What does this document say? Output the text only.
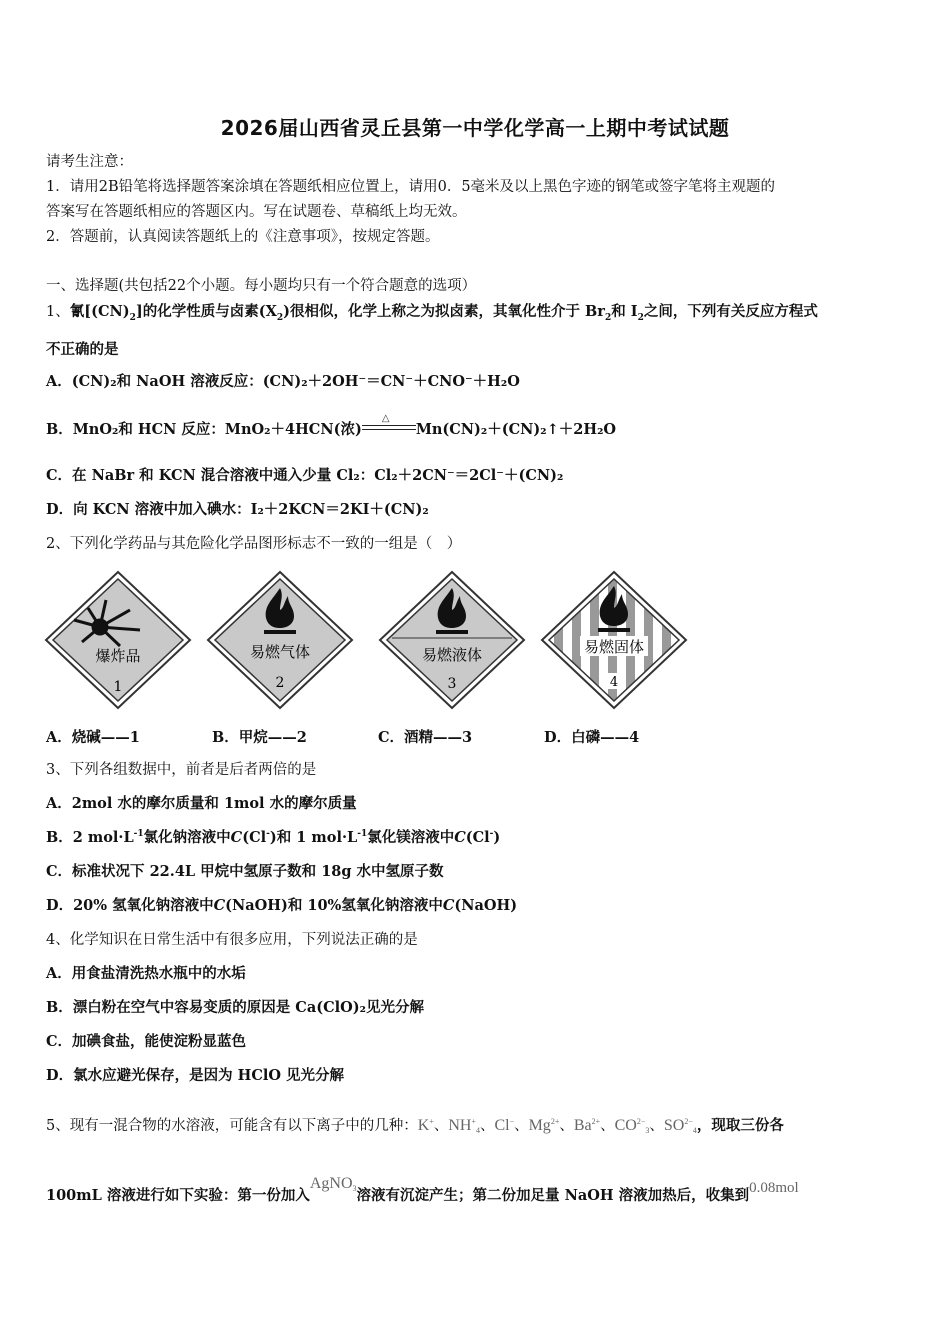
2026届山西省灵丘县第一中学化学高一上期中考试试题
请考生注意：
1．请用2B铅笔将选择题答案涂填在答题纸相应位置上，请用0．5毫米及以上黑色字迹的钢笔或签字笔将主观题的
答案写在答题纸相应的答题区内。写在试题卷、草稿纸上均无效。
2．答题前，认真阅读答题纸上的《注意事项》，按规定答题。
一、选择题(共包括22个小题。每小题均只有一个符合题意的选项）
1、氰$[(CN)_2]$的化学性质与卤素$(X_2)$很相似，化学上称之为拟卤素，其氧化性介于 $Br_2$和 $I_2$之间，下列有关反应方程式
不正确的是
A．(CN)₂和 NaOH 溶液反应：(CN)₂＋2OH⁻＝CN⁻＋CNO⁻＋H₂O
B．MnO₂和 HCN 反应：MnO₂＋4HCN(浓)
△
Mn(CN)₂＋(CN)₂↑＋2H₂O
C．在 NaBr 和 KCN 混合溶液中通入少量 Cl₂：Cl₂＋2CN⁻＝2Cl⁻＋(CN)₂
D．向 KCN 溶液中加入碘水：I₂＋2KCN＝2KI＋(CN)₂
2、下列化学药品与其危险化学品图形标志不一致的一组是（　）
爆炸品
1
易燃气体
2
易燃液体
3
易燃固体
4
A．烧碱——1	B．甲烷——2	C．酒精——3	D．白磷——4
3、下列各组数据中，前者是后者两倍的是
A．2mol 水的摩尔质量和 1mol 水的摩尔质量
B．2 $mol\cdot L^{-1}$氯化钠溶液中C(Cl-)和 1 $mol\cdot L^{-1}$氯化镁溶液中C(Cl-)
C．标准状况下 22.4L 甲烷中氢原子数和 18g 水中氢原子数
D．20% 氢氧化钠溶液中C(NaOH)和 10%氢氧化钠溶液中C(NaOH)
4、化学知识在日常生活中有很多应用，下列说法正确的是
A．用食盐清洗热水瓶中的水垢
B．漂白粉在空气中容易变质的原因是 Ca(ClO)₂见光分解
C．加碘食盐，能使淀粉显蓝色
D．氯水应避光保存，是因为 HClO 见光分解
5、现有一混合物的水溶液，可能含有以下离子中的几种：K+、NH+4、Cl−、$Mg^{2+}$、$Ba^{2+}$、$CO^{2-}3$、$SO^{2-}4$，现取三份各
100mL 溶液进行如下实验：第一份加入AgNO3溶液有沉淀产生；第二份加足量 NaOH 溶液加热后，收集到0.08mol
